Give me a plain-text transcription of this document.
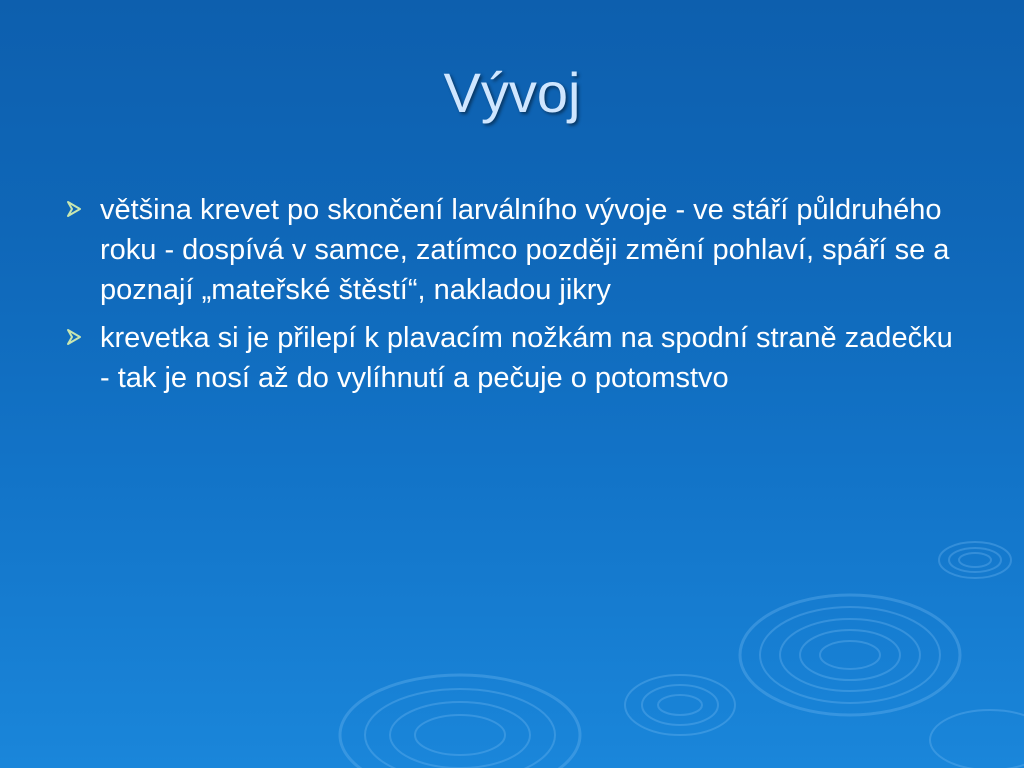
Vývoj
většina krevet po skončení larválního vývoje - ve stáří půldruhého roku - dospívá v samce, zatímco později změní pohlaví, spáří se a poznají „mateřské štěstí“, nakladou jikry
krevetka si je přilepí k plavacím nožkám na spodní straně zadečku - tak je nosí až do vylíhnutí a pečuje o potomstvo
